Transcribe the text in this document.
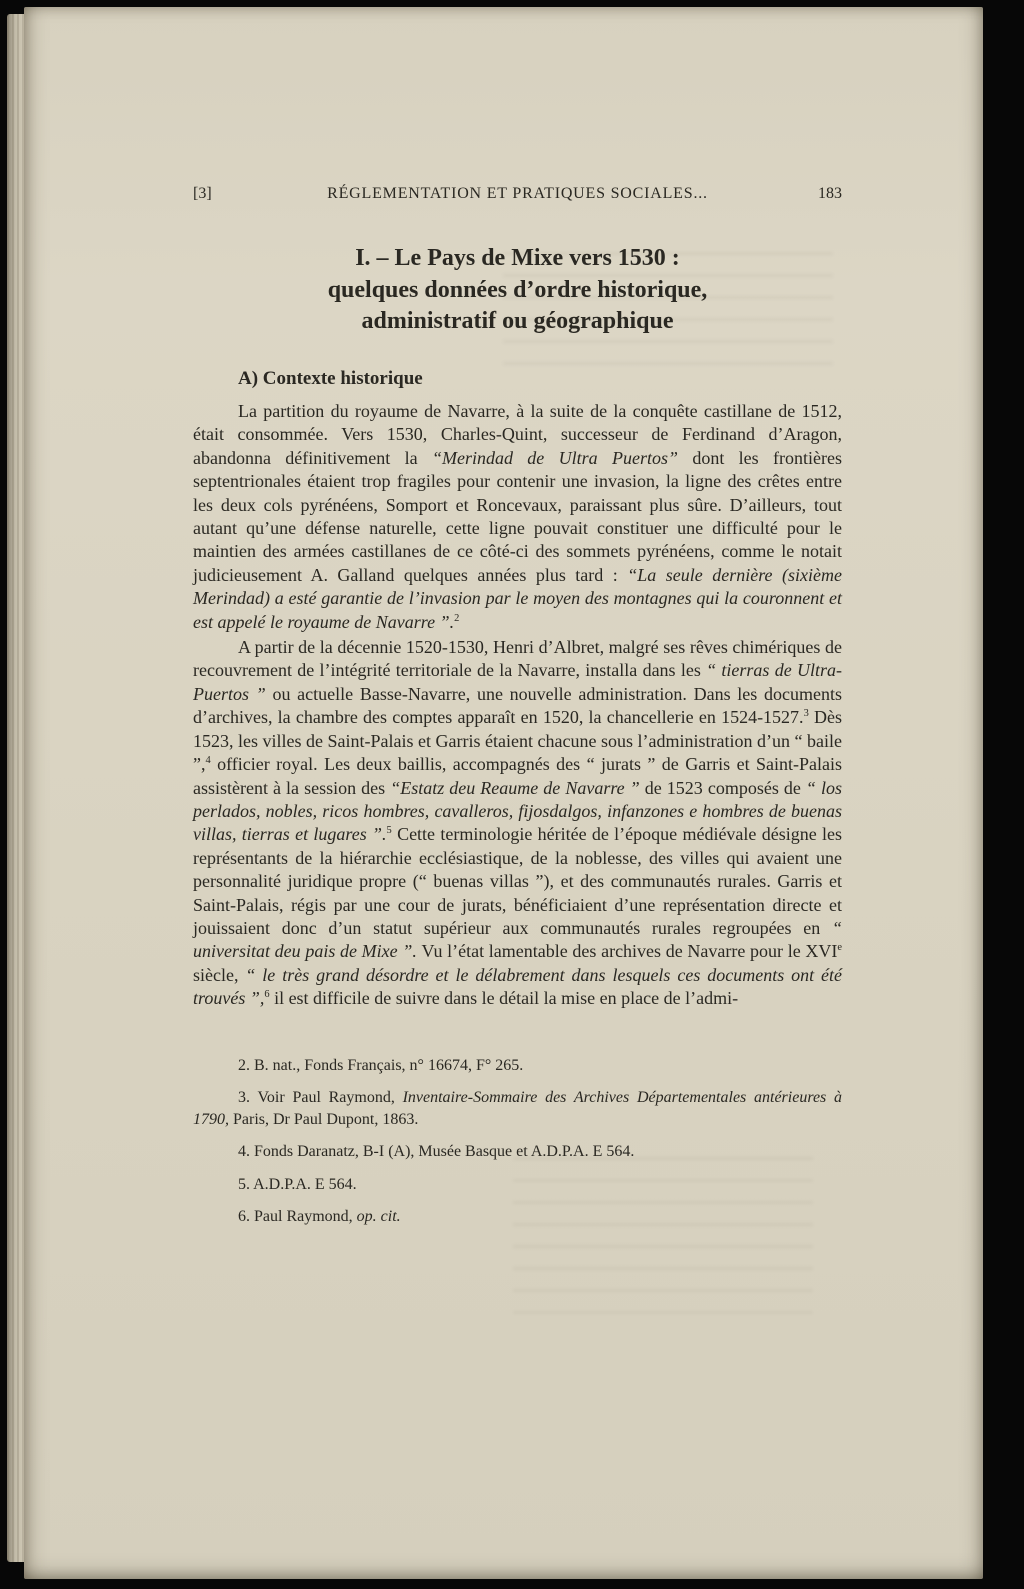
[3]	RÉGLEMENTATION ET PRATIQUES SOCIALES...	183
I. – Le Pays de Mixe vers 1530 :
quelques données d’ordre historique,
administratif ou géographique
A) Contexte historique

La partition du royaume de Navarre, à la suite de la conquête castillane de 1512, était consommée. Vers 1530, Charles-Quint, successeur de Ferdinand d’Aragon, abandonna définitivement la “Merindad de Ultra Puertos” dont les frontières septentrionales étaient trop fragiles pour contenir une invasion, la ligne des crêtes entre les deux cols pyrénéens, Somport et Roncevaux, paraissant plus sûre. D’ailleurs, tout autant qu’une défense naturelle, cette ligne pouvait constituer une difficulté pour le maintien des armées castillanes de ce côté-ci des sommets pyrénéens, comme le notait judicieusement A. Galland quelques années plus tard : “La seule dernière (sixième Merindad) a esté garantie de l’invasion par le moyen des montagnes qui la couronnent et est appelé le royaume de Navarre ”.$^2$

A partir de la décennie 1520-1530, Henri d’Albret, malgré ses rêves chimériques de recouvrement de l’intégrité territoriale de la Navarre, installa dans les “ tierras de Ultra-Puertos ” ou actuelle Basse-Navarre, une nouvelle administration. Dans les documents d’archives, la chambre des comptes apparaît en 1520, la chancellerie en 1524-1527.$^3$ Dès 1523, les villes de Saint-Palais et Garris étaient chacune sous l’administration d’un “ baile ”,$^4$ officier royal. Les deux baillis, accompagnés des “ jurats ” de Garris et Saint-Palais assistèrent à la session des “Estatz deu Reaume de Navarre ” de 1523 composés de “ los perlados, nobles, ricos hombres, cavalleros, fijosdalgos, infanzones e hombres de buenas villas, tierras et lugares ”.$^5$ Cette terminologie héritée de l’époque médiévale désigne les représentants de la hiérarchie ecclésiastique, de la noblesse, des villes qui avaient une personnalité juridique propre (“ buenas villas ”), et des communautés rurales. Garris et Saint-Palais, régis par une cour de jurats, bénéficiaient d’une représentation directe et jouissaient donc d’un statut supérieur aux communautés rurales regroupées en “ universitat deu pais de Mixe ”. Vu l’état lamentable des archives de Navarre pour le XVIe siècle, “ le très grand désordre et le délabrement dans lesquels ces documents ont été trouvés ”,$^6$ il est difficile de suivre dans le détail la mise en place de l’admi-

2. B. nat., Fonds Français, n° 16674, F° 265.

3. Voir Paul Raymond, Inventaire-Sommaire des Archives Départementales antérieures à 1790, Paris, Dr Paul Dupont, 1863.

4. Fonds Daranatz, B-I (A), Musée Basque et A.D.P.A. E 564.

5. A.D.P.A. E 564.

6. Paul Raymond, op. cit.
